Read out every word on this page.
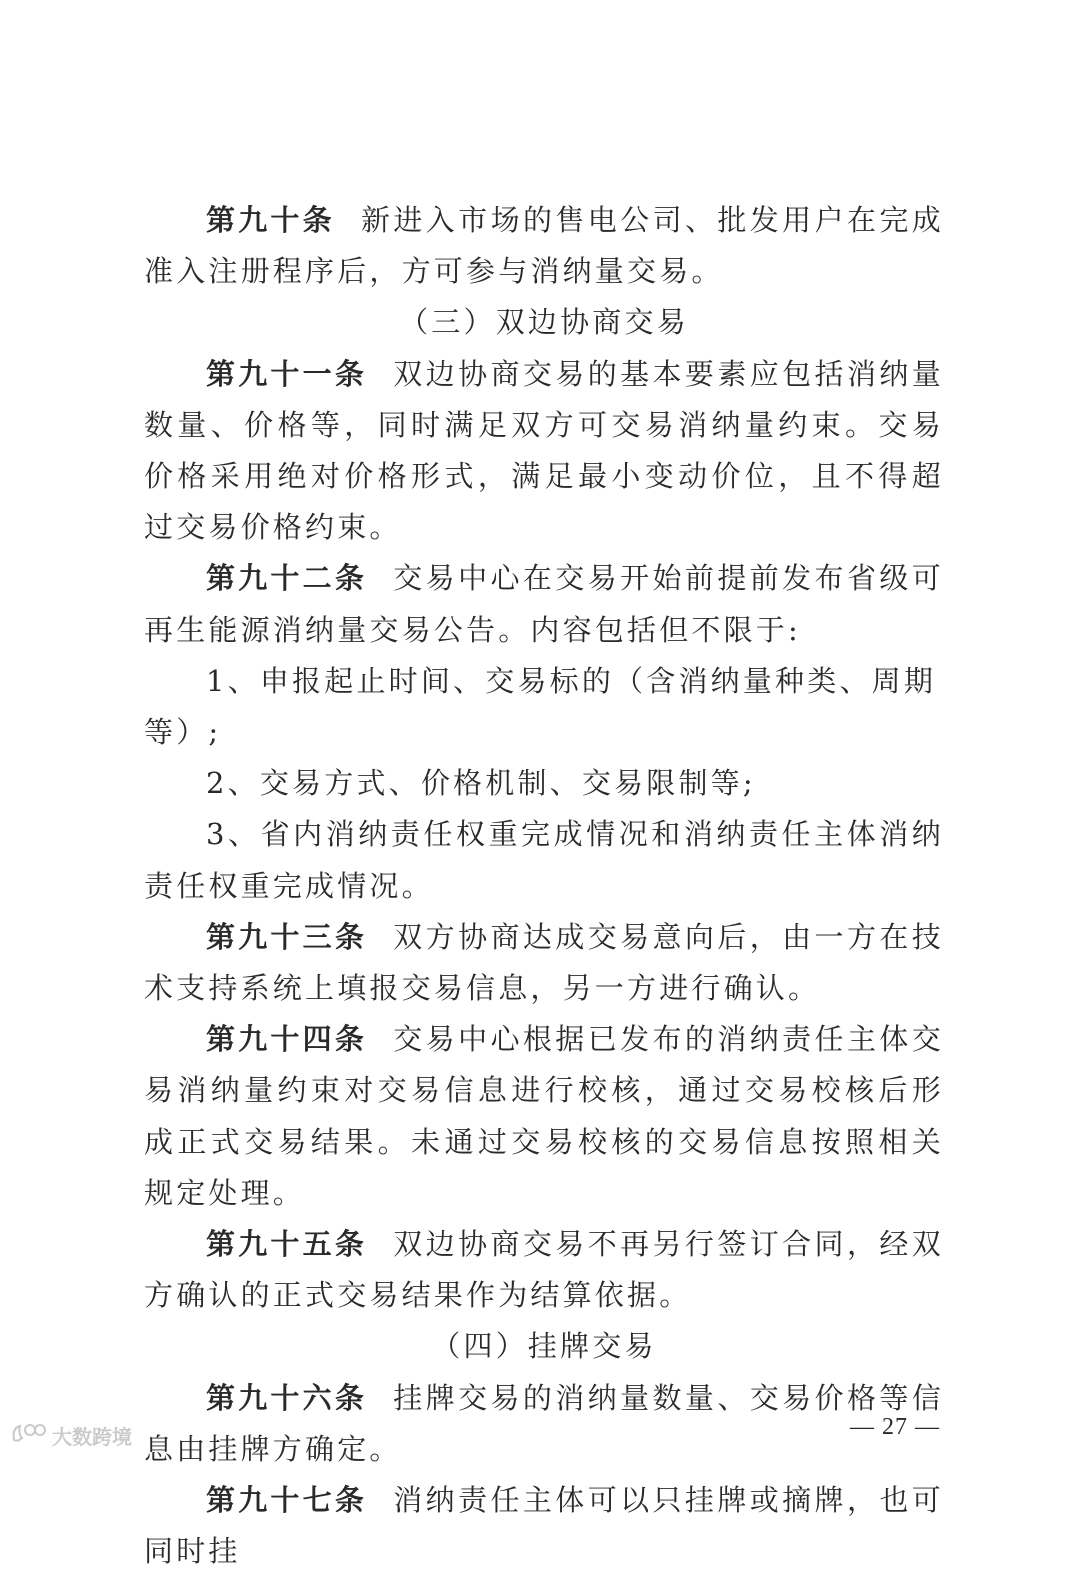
第九十条 新进入市场的售电公司、批发用户在完成准入注册程序后，方可参与消纳量交易。

（三）双边协商交易

第九十一条 双边协商交易的基本要素应包括消纳量数量、价格等，同时满足双方可交易消纳量约束。交易价格采用绝对价格形式，满足最小变动价位，且不得超过交易价格约束。

第九十二条 交易中心在交易开始前提前发布省级可再生能源消纳量交易公告。内容包括但不限于:

1、申报起止时间、交易标的（含消纳量种类、周期等）;

2、交易方式、价格机制、交易限制等;

3、省内消纳责任权重完成情况和消纳责任主体消纳责任权重完成情况。

第九十三条 双方协商达成交易意向后，由一方在技术支持系统上填报交易信息，另一方进行确认。

第九十四条 交易中心根据已发布的消纳责任主体交易消纳量约束对交易信息进行校核，通过交易校核后形成正式交易结果。未通过交易校核的交易信息按照相关规定处理。

第九十五条 双边协商交易不再另行签订合同，经双方确认的正式交易结果作为结算依据。

（四）挂牌交易

第九十六条 挂牌交易的消纳量数量、交易价格等信息由挂牌方确定。

第九十七条 消纳责任主体可以只挂牌或摘牌，也可同时挂

— 27 —
大数跨境
